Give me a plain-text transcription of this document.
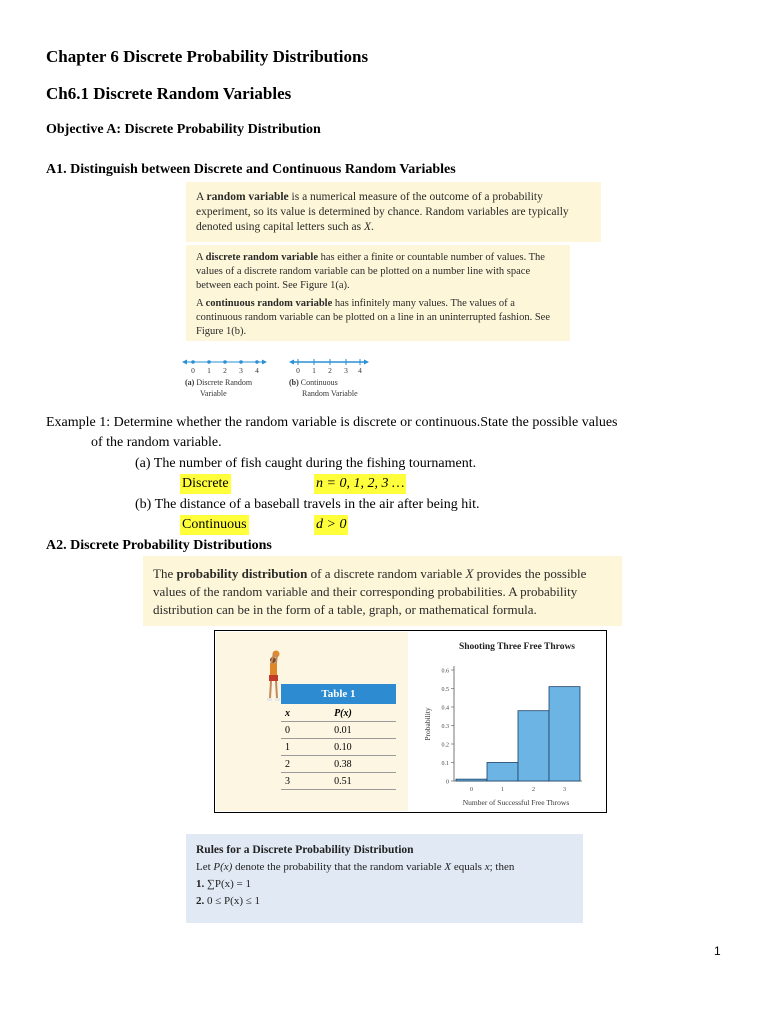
Chapter 6 Discrete Probability Distributions
Ch6.1 Discrete Random Variables
Objective A: Discrete Probability Distribution
A1. Distinguish between Discrete and Continuous Random Variables
A random variable is a numerical measure of the outcome of a probability experiment, so its value is determined by chance. Random variables are typically denoted using capital letters such as X.

A discrete random variable has either a finite or countable number of values. The values of a discrete random variable can be plotted on a number line with space between each point. See Figure 1(a).

A continuous random variable has infinitely many values. The values of a continuous random variable can be plotted on a line in an uninterrupted fashion. See Figure 1(b).

0 1 2 3 4	0 1 2 3 4
(a) Discrete Random
Variable
(b) Continuous
Random Variable
Example 1: Determine whether the random variable is discrete or continuous.State the possible values
of the random variable.
(a) The number of fish caught during the fishing tournament.
Discrete	n = 0, 1, 2, 3 …
(b) The distance of a baseball travels in the air after being hit.
Continuous	d > 0
A2. Discrete Probability Distributions
The probability distribution of a discrete random variable X provides the possible values of the random variable and their corresponding probabilities. A probability distribution can be in the form of a table, graph, or mathematical formula.
Table 1
x	P(x)
0	0.01
1	0.10
2	0.38
3	0.51
Shooting Three Free Throws
Number of Successful Free Throws
Probability
0
0.1
0.2
0.3
0.4
0.5
0.6
0	1	2	3
Rules for a Discrete Probability Distribution
Let P(x) denote the probability that the random variable X equals x; then
1. ∑P(x) = 1
2. 0 ≤ P(x) ≤ 1
1
